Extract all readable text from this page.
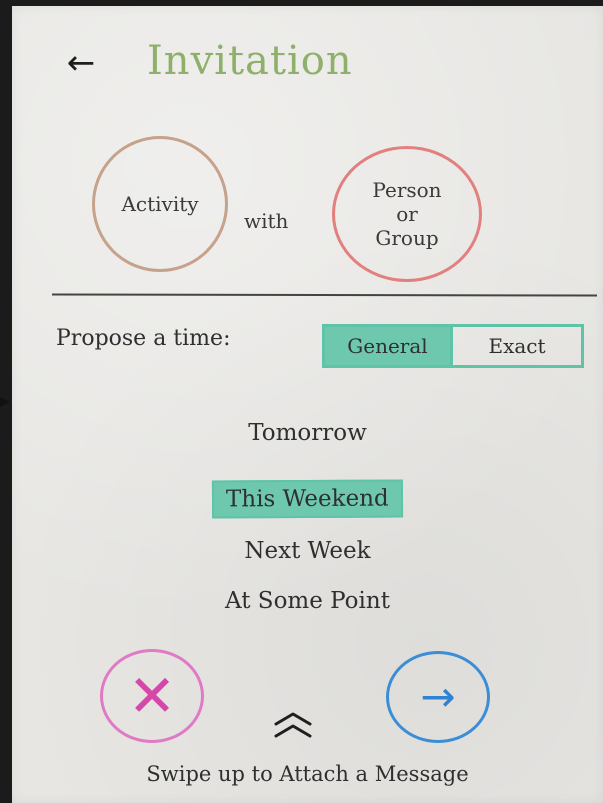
← Invitation
Activity
with
Person
or
Group
Propose a time:	General	Exact
Tomorrow
This Weekend
Next Week
At Some Point
✕	→
Swipe up to Attach a Message
